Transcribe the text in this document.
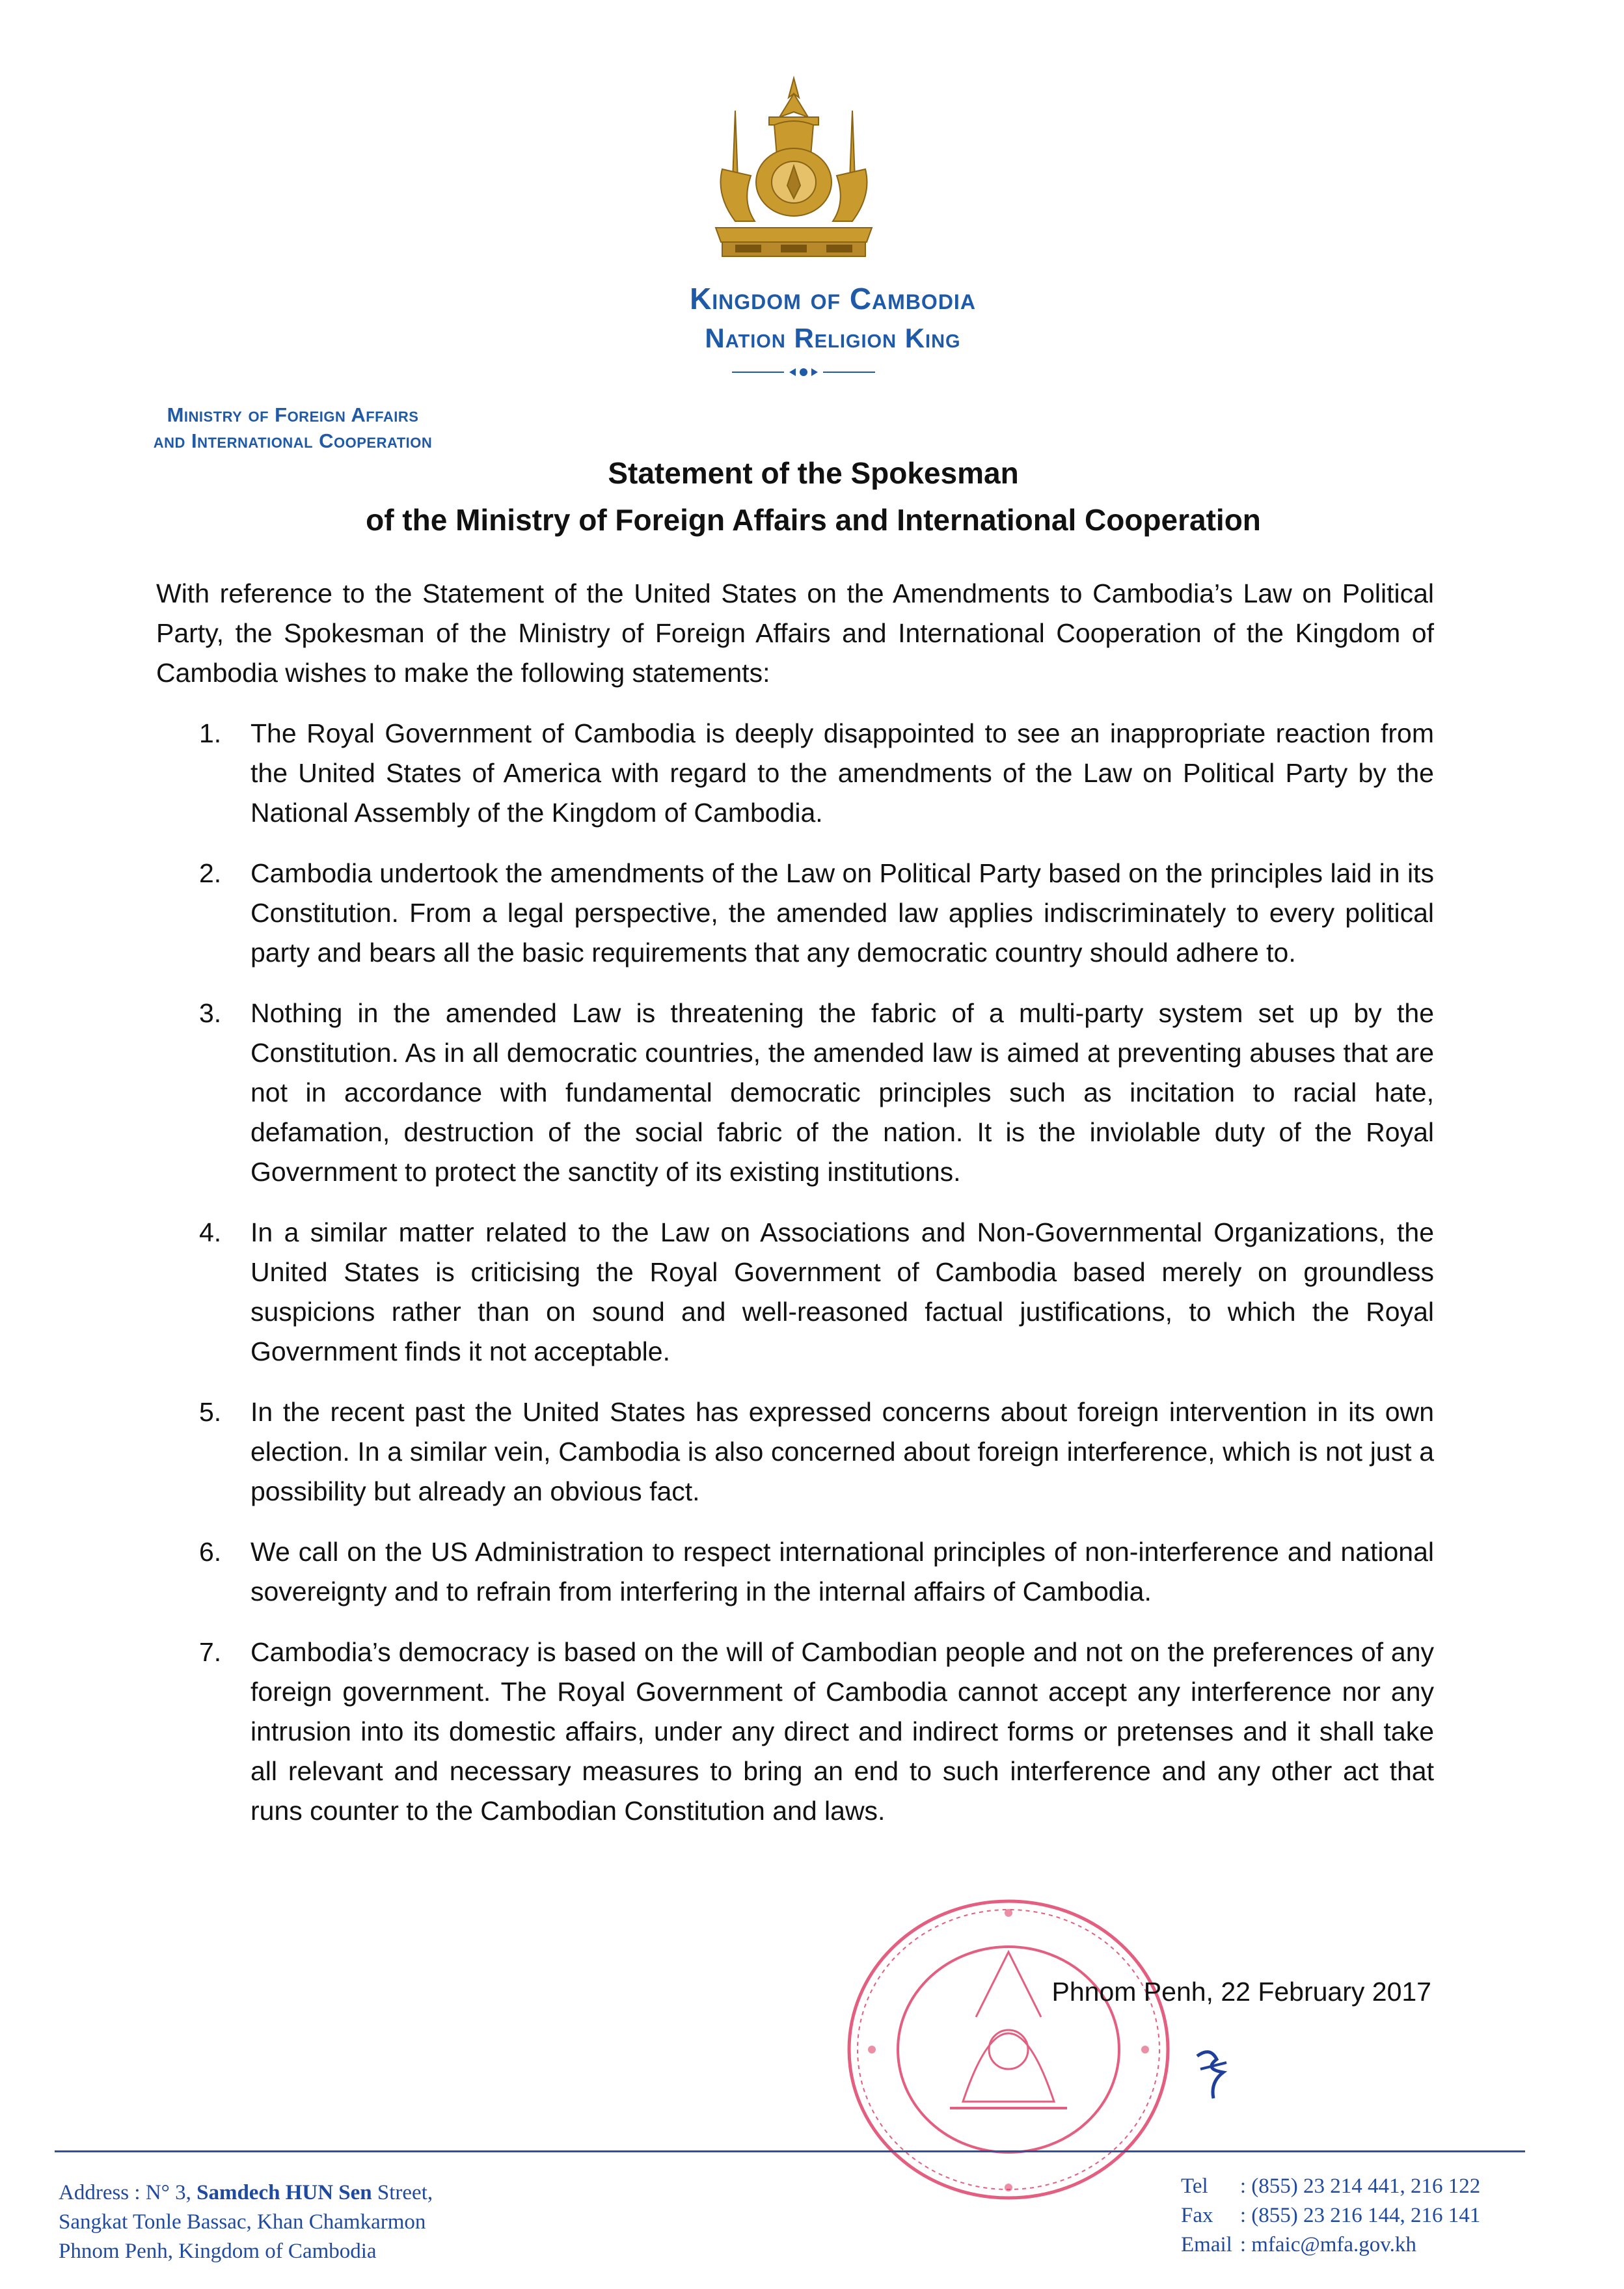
Kingdom of Cambodia
Nation Religion King
Ministry of Foreign Affairs
and International Cooperation
Statement of the Spokesman
of the Ministry of Foreign Affairs and International Cooperation

With reference to the Statement of the United States on the Amendments to Cambodia’s Law on Political Party, the Spokesman of the Ministry of Foreign Affairs and International Cooperation of the Kingdom of Cambodia wishes to make the following statements:

1. The Royal Government of Cambodia is deeply disappointed to see an inappropriate reaction from the United States of America with regard to the amendments of the Law on Political Party by the National Assembly of the Kingdom of Cambodia.
2. Cambodia undertook the amendments of the Law on Political Party based on the principles laid in its Constitution. From a legal perspective, the amended law applies indiscriminately to every political party and bears all the basic requirements that any democratic country should adhere to.
3. Nothing in the amended Law is threatening the fabric of a multi-party system set up by the Constitution. As in all democratic countries, the amended law is aimed at preventing abuses that are not in accordance with fundamental democratic principles such as incitation to racial hate, defamation, destruction of the social fabric of the nation. It is the inviolable duty of the Royal Government to protect the sanctity of its existing institutions.
4. In a similar matter related to the Law on Associations and Non-Governmental Organizations, the United States is criticising the Royal Government of Cambodia based merely on groundless suspicions rather than on sound and well-reasoned factual justifications, to which the Royal Government finds it not acceptable.
5. In the recent past the United States has expressed concerns about foreign intervention in its own election. In a similar vein, Cambodia is also concerned about foreign interference, which is not just a possibility but already an obvious fact.
6. We call on the US Administration to respect international principles of non-interference and national sovereignty and to refrain from interfering in the internal affairs of Cambodia.
7. Cambodia’s democracy is based on the will of Cambodian people and not on the preferences of any foreign government. The Royal Government of Cambodia cannot accept any interference nor any intrusion into its domestic affairs, under any direct and indirect forms or pretenses and it shall take all relevant and necessary measures to bring an end to such interference and any other act that runs counter to the Cambodian Constitution and laws.
Phnom Penh, 22 February 2017
Address : N° 3, Samdech HUN Sen Street,
Sangkat Tonle Bassac, Khan Chamkarmon
Phnom Penh, Kingdom of Cambodia
Tel	: (855) 23 214 441, 216 122
Fax	: (855) 23 216 144, 216 141
Email	: mfaic@mfa.gov.kh
